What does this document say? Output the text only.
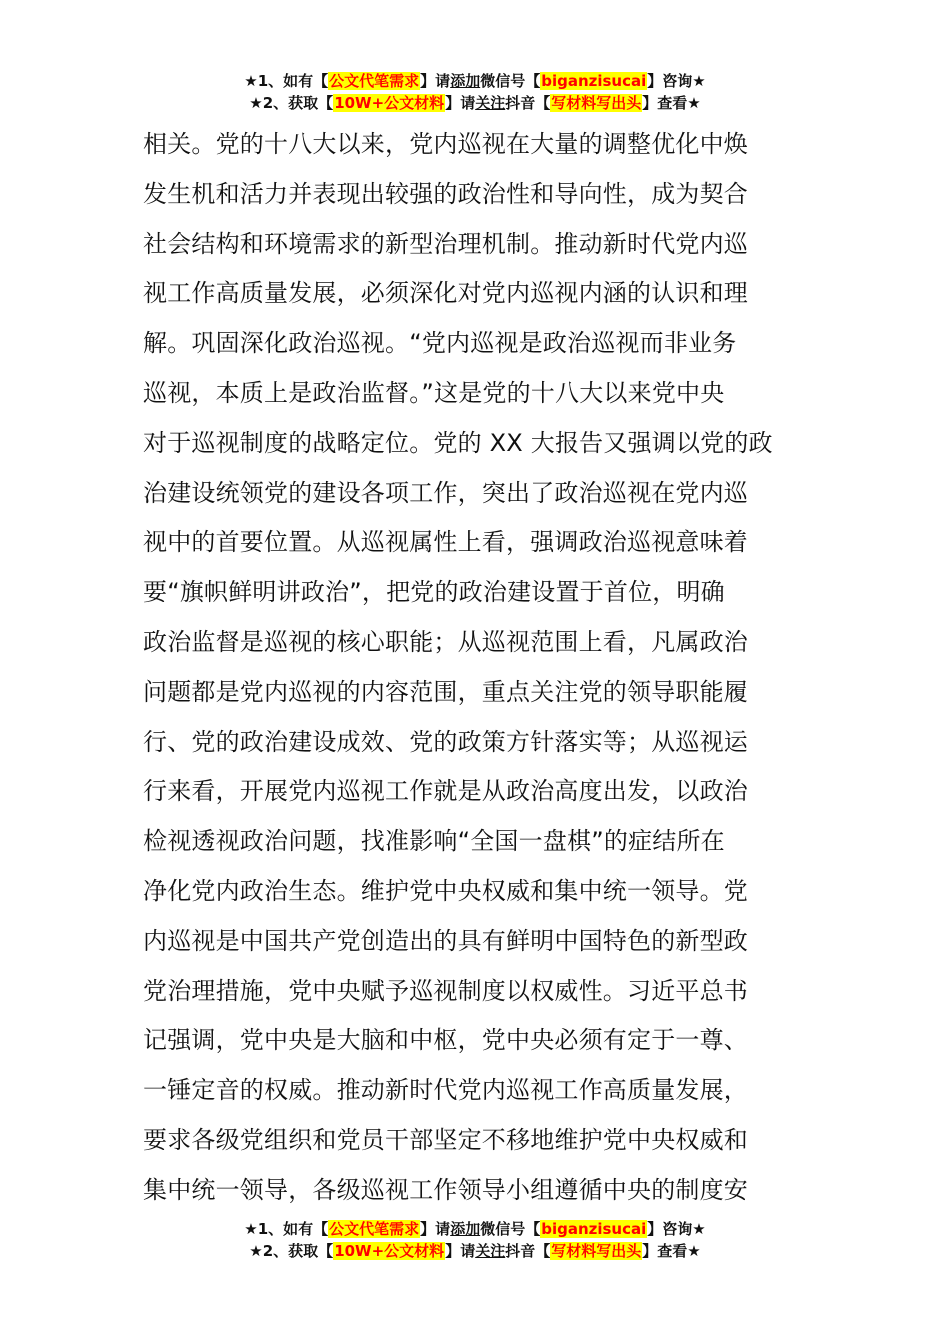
★1、如有【公文代笔需求】请添加微信号【biganzisucai】咨询★
★2、获取【10W+公文材料】请关注抖音【写材料写出头】查看★
相关。党的十八大以来，党内巡视在大量的调整优化中焕
发生机和活力并表现出较强的政治性和导向性，成为契合
社会结构和环境需求的新型治理机制。推动新时代党内巡
视工作高质量发展，必须深化对党内巡视内涵的认识和理
解。巩固深化政治巡视。“党内巡视是政治巡视而非业务
巡视，本质上是政治监督。”这是党的十八大以来党中央
对于巡视制度的战略定位。党的 XX 大报告又强调以党的政
治建设统领党的建设各项工作，突出了政治巡视在党内巡
视中的首要位置。从巡视属性上看，强调政治巡视意味着
要“旗帜鲜明讲政治”，把党的政治建设置于首位，明确
政治监督是巡视的核心职能；从巡视范围上看，凡属政治
问题都是党内巡视的内容范围，重点关注党的领导职能履
行、党的政治建设成效、党的政策方针落实等；从巡视运
行来看，开展党内巡视工作就是从政治高度出发，以政治
检视透视政治问题，找准影响“全国一盘棋”的症结所在
净化党内政治生态。维护党中央权威和集中统一领导。党
内巡视是中国共产党创造出的具有鲜明中国特色的新型政
党治理措施，党中央赋予巡视制度以权威性。习近平总书
记强调，党中央是大脑和中枢，党中央必须有定于一尊、
一锤定音的权威。推动新时代党内巡视工作高质量发展，
要求各级党组织和党员干部坚定不移地维护党中央权威和
集中统一领导，各级巡视工作领导小组遵循中央的制度安
★1、如有【公文代笔需求】请添加微信号【biganzisucai】咨询★
★2、获取【10W+公文材料】请关注抖音【写材料写出头】查看★
